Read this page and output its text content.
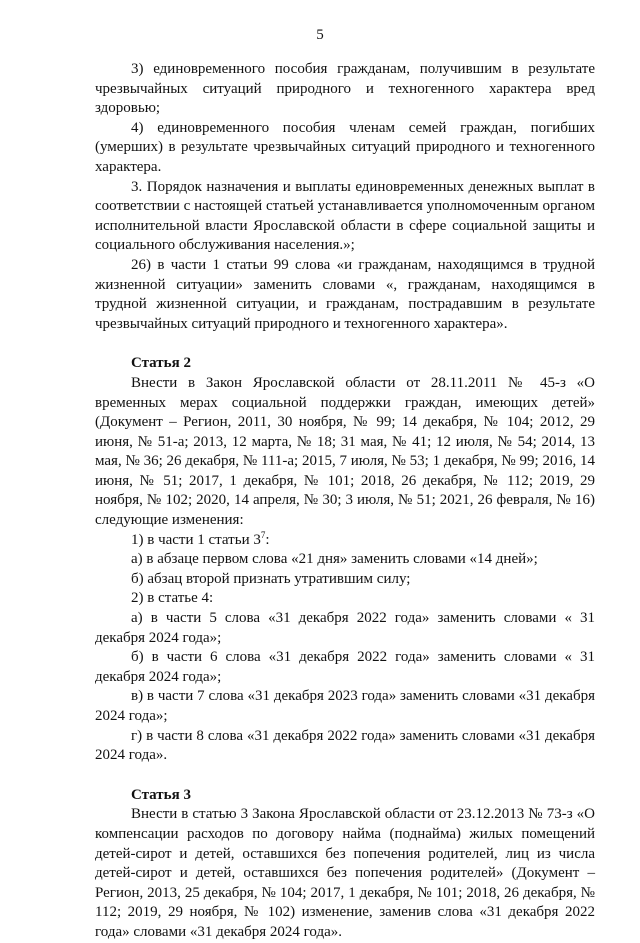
5

3) единовременного пособия гражданам, получившим в результате чрезвычайных ситуаций природного и техногенного характера вред здоровью;

4) единовременного пособия членам семей граждан, погибших (умерших) в результате чрезвычайных ситуаций природного и техногенного характера.

3. Порядок назначения и выплаты единовременных денежных выплат в соответствии с настоящей статьей устанавливается уполномоченным органом исполнительной власти Ярославской области в сфере социальной защиты и социального обслуживания населения.»;

26) в части 1 статьи 99 слова «и гражданам, находящимся в трудной жизненной ситуации» заменить словами «, гражданам, находящимся в трудной жизненной ситуации, и гражданам, пострадавшим в результате чрезвычайных ситуаций природного и техногенного характера».

Статья 2

Внести в Закон Ярославской области от 28.11.2011 № 45-з «О временных мерах социальной поддержки граждан, имеющих детей» (Документ – Регион, 2011, 30 ноября, № 99; 14 декабря, № 104; 2012, 29 июня, № 51-а; 2013, 12 марта, № 18; 31 мая, № 41; 12 июля, № 54; 2014, 13 мая, № 36; 26 декабря, № 111-а; 2015, 7 июля, № 53; 1 декабря, № 99; 2016, 14 июня, № 51; 2017, 1 декабря, № 101; 2018, 26 декабря, № 112; 2019, 29 ноября, № 102; 2020, 14 апреля, № 30; 3 июля, № 51; 2021, 26 февраля, № 16) следующие изменения:

1) в части 1 статьи $3^7$:

а) в абзаце первом слова «21 дня» заменить словами «14 дней»;

б) абзац второй признать утратившим силу;

2) в статье 4:

а) в части 5 слова «31 декабря 2022 года» заменить словами « 31 декабря 2024 года»;

б) в части 6 слова «31 декабря 2022 года» заменить словами « 31 декабря 2024 года»;

в) в части 7 слова «31 декабря 2023 года» заменить словами «31 декабря 2024 года»;

г) в части 8 слова «31 декабря 2022 года» заменить словами «31 декабря 2024 года».

Статья 3

Внести в статью 3 Закона Ярославской области от 23.12.2013 № 73-з «О компенсации расходов по договору найма (поднайма) жилых помещений детей-сирот и детей, оставшихся без попечения родителей, лиц из числа детей-сирот и детей, оставшихся без попечения родителей» (Документ – Регион, 2013, 25 декабря, № 104; 2017, 1 декабря, № 101; 2018, 26 декабря, № 112; 2019, 29 ноября, № 102) изменение, заменив слова «31 декабря 2022 года» словами «31 декабря 2024 года».
